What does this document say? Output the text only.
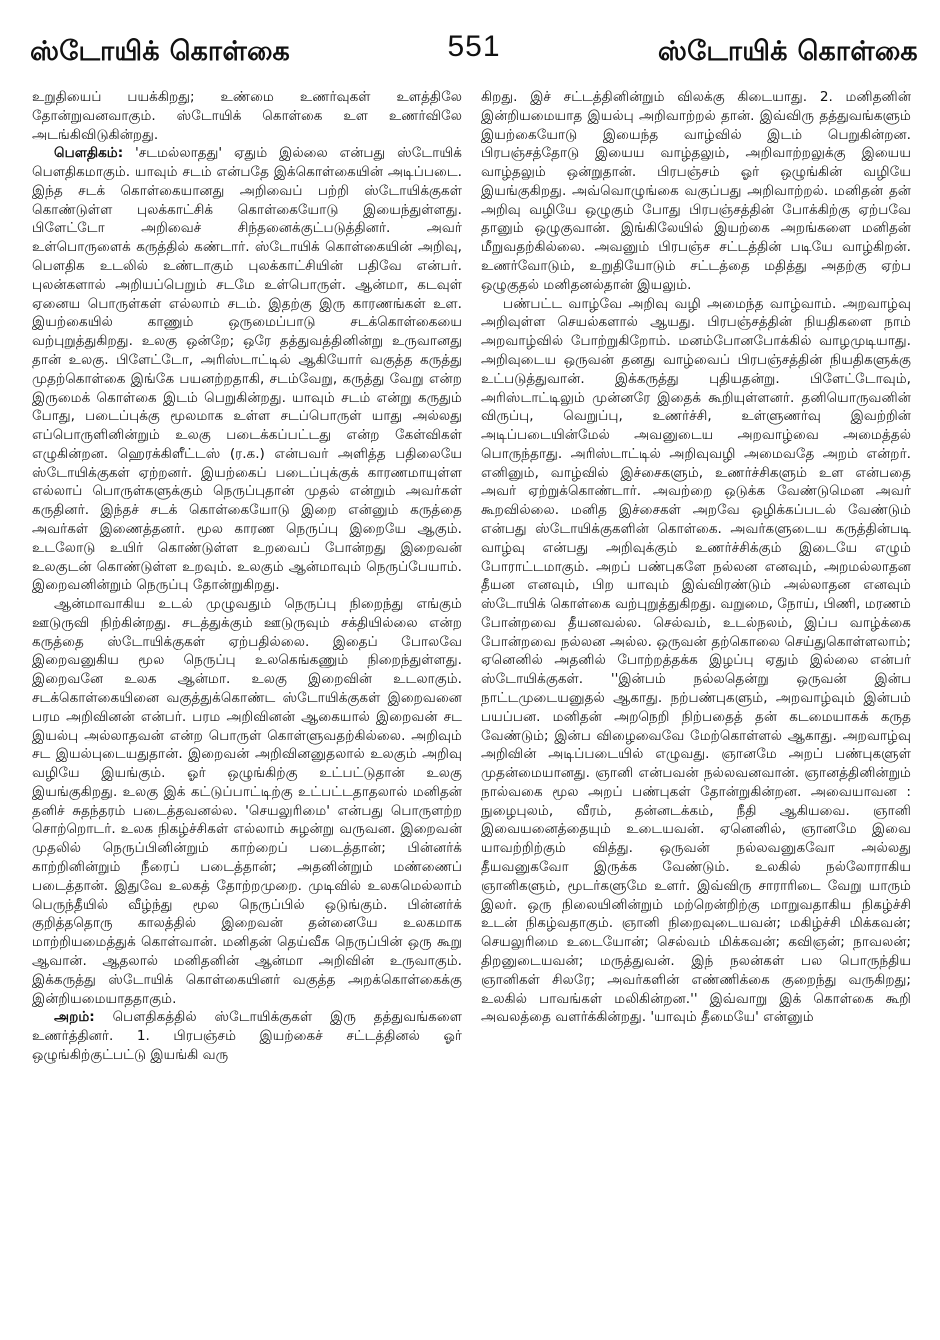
ஸ்டோயிக் கொள்கை	551	ஸ்டோயிக் கொள்கை

உறுதியைப் பயக்கிறது; உண்மை உணர்வுகள் உளத்திலே தோன்றுவனவாகும். ஸ்டோயிக் கொள்கை உள உணர்விலே அடங்கிவிடுகின்றது.

பௌதிகம்: 'சடமல்லாதது' ஏதும் இல்லை என்பது ஸ்டோயிக் பௌதிகமாகும். யாவும் சடம் என்பதே இக்கொள்கையின் அடிப்படை. இந்த சடக் கொள்கையானது அறிவைப் பற்றி ஸ்டோயிக்குகள் கொண்டுள்ள புலக்காட்சிக் கொள்கையோடு இயைந்துள்ளது. பிளேட்டோ அறிவைச் சிந்தனைக்குட்படுத்தினர். அவர் உள்பொருளைக் கருத்தில் கண்டார். ஸ்டோயிக் கொள்கையின் அறிவு, பௌதிக உடலில் உண்டாகும் புலக்காட்சியின் பதிவே என்பர். புலன்களால் அறியப்பெறும் சடமே உள்பொருள். ஆன்மா, கடவுள் ஏனைய பொருள்கள் எல்லாம் சடம். இதற்கு இரு காரணங்கள் உள. இயற்கையில் காணும் ஒருமைப்பாடு சடக்கொள்கையை வற்புறுத்துகிறது. உலகு ஒன்றே; ஒரே தத்துவத்தினின்று உருவானது தான் உலகு. பிளேட்டோ, அரிஸ்டாட்டில் ஆகியோர் வகுத்த கருத்து முதற்கொள்கை இங்கே பயனற்றதாகி, சடம்வேறு, கருத்து வேறு என்ற இருமைக் கொள்கை இடம் பெறுகின்றது. யாவும் சடம் என்று கருதும் போது, படைப்புக்கு மூலமாக உள்ள சடப்பொருள் யாது அல்லது எப்பொருளினின்றும் உலகு படைக்கப்பட்டது என்ற கேள்விகள் எழுகின்றன. ஹெரக்கிளீட்டஸ் (ர.க.) என்பவர் அளித்த பதிலையே ஸ்டோயிக்குகள் ஏற்றனர். இயற்கைப் படைப்புக்குக் காரணமாயுள்ள எல்லாப் பொருள்களுக்கும் நெருப்புதான் முதல் என்றும் அவர்கள் கருதினர். இந்தச் சடக் கொள்கையோடு இறை என்னும் கருத்தை அவர்கள் இணைத்தனர். மூல காரண நெருப்பு இறையே ஆகும். உடலோடு உயிர் கொண்டுள்ள உறவைப் போன்றது இறைவன் உலகுடன் கொண்டுள்ள உறவும். உலகும் ஆன்மாவும் நெருப்பேயாம். இறைவனின்றும் நெருப்பு தோன்றுகிறது.

ஆன்மாவாகிய உடல் முழுவதும் நெருப்பு நிறைந்து எங்கும் ஊடுருவி நிற்கின்றது. சடத்துக்கும் ஊடுருவும் சக்தியில்லை என்ற கருத்தை ஸ்டோயிக்குகள் ஏற்பதில்லை. இதைப் போலவே இறைவனுகிய மூல நெருப்பு உலகெங்கணும் நிறைந்துள்ளது. இறைவனே உலக ஆன்மா. உலகு இறைவின் உடலாகும். சடக்கொள்கையினை வகுத்துக்கொண்ட ஸ்டோயிக்குகள் இறைவனை பரம அறிவினன் என்பர். பரம அறிவினன் ஆகையால் இறைவன் சட இயல்பு அல்லாதவன் என்ற பொருள் கொள்ளுவதற்கில்லை. அறிவும் சட இயல்புடையதுதான். இறைவன் அறிவினனுதலால் உலகும் அறிவு வழியே இயங்கும். ஓர் ஒழுங்கிற்கு உட்பட்டுதான் உலகு இயங்குகிறது. உலகு இக் கட்டுப்பாட்டிற்கு உட்பட்டதாதலால் மனிதன் தனிச் சுதந்தரம் படைத்தவனல்ல. 'செயலுரிமை' என்பது பொருளற்ற சொற்றொடர். உலக நிகழ்ச்சிகள் எல்லாம் சுழன்று வருவன. இறைவன் முதலில் நெருப்பினின்றும் காற்றைப் படைத்தான்; பின்னர்க் காற்றினின்றும் நீரைப் படைத்தான்; அதனின்றும் மண்ணைப் படைத்தான். இதுவே உலகத் தோற்றமுறை. முடிவில் உலகமெல்லாம் பெருந்தீயில் வீழ்ந்து மூல நெருப்பில் ஒடுங்கும். பின்னர்க் குறித்ததொரு காலத்தில் இறைவன் தன்னையே உலகமாக மாற்றியமைத்துக் கொள்வான். மனிதன் தெய்வீக நெருப்பின் ஒரு கூறு ஆவான். ஆதலால் மனிதனின் ஆன்மா அறிவின் உருவாகும். இக்கருத்து ஸ்டோயிக் கொள்கையினர் வகுத்த அறக்கொள்கைக்கு இன்றியமையாததாகும்.

அறம்: பௌதிகத்தில் ஸ்டோயிக்குகள் இரு தத்துவங்களை உணர்த்தினர். 1. பிரபஞ்சம் இயற்கைச் சட்டத்தினல் ஓர் ஒழுங்கிற்குட்பட்டு இயங்கி வரு

கிறது. இச் சட்டத்தினின்றும் விலக்கு கிடையாது. 2. மனிதனின் இன்றியமையாத இயல்பு அறிவாற்றல் தான். இவ்விரு தத்துவங்களும் இயற்கையோடு இயைந்த வாழ்வில் இடம் பெறுகின்றன. பிரபஞ்சத்தோடு இயைய வாழ்தலும், அறிவாற்றலுக்கு இயைய வாழ்தலும் ஒன்றுதான். பிரபஞ்சம் ஓர் ஒழுங்கின் வழியே இயங்குகிறது. அவ்வொழுங்கை வகுப்பது அறிவாற்றல். மனிதன் தன் அறிவு வழியே ஒழுகும் போது பிரபஞ்சத்தின் போக்கிற்கு ஏற்பவே தானும் ஒழுகுவான். இங்கிலேயில் இயற்கை அறங்களை மனிதன் மீறுவதற்கில்லை. அவனும் பிரபஞ்ச சட்டத்தின் படியே வாழ்கிறன். உணர்வோடும், உறுதியோடும் சட்டத்தை மதித்து அதற்கு ஏற்ப ஒழுகுதல் மனிதனல்தான் இயலும்.

பண்பட்ட வாழ்வே அறிவு வழி அமைந்த வாழ்வாம். அறவாழ்வு அறிவுள்ள செயல்களால் ஆயது. பிரபஞ்சத்தின் நியதிகளை நாம் அறவாழ்வில் போற்றுகிறோம். மனம்போனபோக்கில் வாழமுடியாது. அறிவுடைய ஒருவன் தனது வாழ்வைப் பிரபஞ்சத்தின் நியதிகளுக்கு உட்படுத்துவான். இக்கருத்து புதியதன்று. பிளேட்டோவும், அரிஸ்டாட்டிலும் முன்னரே இதைக் கூறியுள்ளனர். தனியொருவனின் விருப்பு, வெறுப்பு, உணர்ச்சி, உள்ளுணர்வு இவற்றின் அடிப்படையின்மேல் அவனுடைய அறவாழ்வை அமைத்தல் பொருந்தாது. அரிஸ்டாட்டில் அறிவுவழி அமைவதே அறம் என்றர். எனினும், வாழ்வில் இச்சைகளும், உணர்ச்சிகளும் உள என்பதை அவர் ஏற்றுக்கொண்டார். அவற்றை ஒடுக்க வேண்டுமென அவர் கூறவில்லை. மனித இச்சைகள் அறவே ஒழிக்கப்படல் வேண்டும் என்பது ஸ்டோயிக்குகளின் கொள்கை. அவர்களுடைய கருத்தின்படி வாழ்வு என்பது அறிவுக்கும் உணர்ச்சிக்கும் இடையே எழும் போராட்டமாகும். அறப் பண்புகளே நல்லன எனவும், அறமல்லாதன தீயன எனவும், பிற யாவும் இவ்விரண்டும் அல்லாதன எனவும் ஸ்டோயிக் கொள்கை வற்புறுத்துகிறது. வறுமை, நோய், பிணி, மரணம் போன்றவை தீயனவல்ல. செல்வம், உடல்நலம், இப்ப வாழ்க்கை போன்றவை நல்லன அல்ல. ஒருவன் தற்கொலை செய்துகொள்ளலாம்; ஏனெனில் அதனில் போற்றத்தக்க இழப்பு ஏதும் இல்லை என்பர் ஸ்டோயிக்குகள். ''இன்பம் நல்லதென்று ஒருவன் இன்ப நாட்டமுடையனுதல் ஆகாது. நற்பண்புகளும், அறவாழ்வும் இன்பம் பயப்பன. மனிதன் அறநெறி நிற்பதைத் தன் கடமையாகக் கருத வேண்டும்; இன்ப விழைவைவே மேற்கொள்ளல் ஆகாது. அறவாழ்வு அறிவின் அடிப்படையில் எழுவது. ஞானமே அறப் பண்புகளுள் முதன்மையானது. ஞானி என்பவன் நல்லவனவான். ஞானத்தினின்றும் நால்வகை மூல அறப் பண்புகள் தோன்றுகின்றன. அவையாவன : நுழைபுலம், வீரம், தன்னடக்கம், நீதி ஆகியவை. ஞானி இவையனைத்தையும் உடையவன். ஏனெனில், ஞானமே இவை யாவற்றிற்கும் வித்து. ஒருவன் நல்லவனுகவோ அல்லது தீயவனுகவோ இருக்க வேண்டும். உலகில் நல்லோராகிய ஞானிகளும், மூடர்களுமே உளர். இவ்விரு சாராரிடை வேறு யாரும் இலர். ஒரு நிலையினின்றும் மற்றென்றிற்கு மாறுவதாகிய நிகழ்ச்சி உடன் நிகழ்வதாகும். ஞானி நிறைவுடையவன்; மகிழ்ச்சி மிக்கவன்; செயலுரிமை உடையோன்; செல்வம் மிக்கவன்; கவிஞன்; நாவலன்; திறனுடையவன்; மருத்துவன். இந் நலன்கள் பல பொருந்திய ஞானிகள் சிலரே; அவர்களின் எண்ணிக்கை குறைந்து வருகிறது; உலகில் பாவங்கள் மலிகின்றன.'' இவ்வாறு இக் கொள்கை கூறி அவலத்தை வளர்க்கின்றது. 'யாவும் தீமையே' என்னும்
